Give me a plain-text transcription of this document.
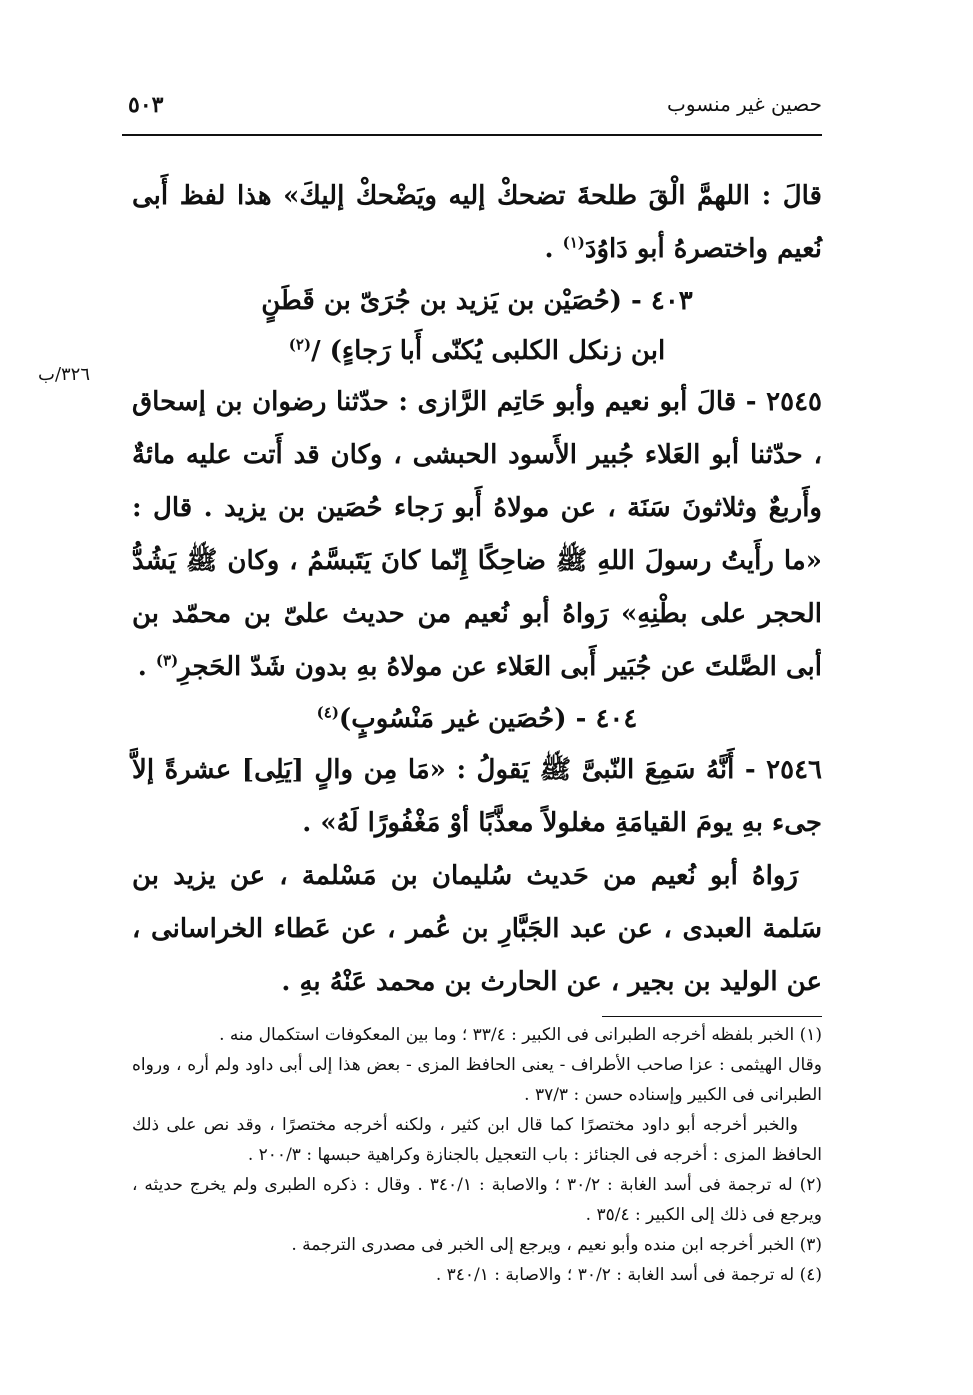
حصين غير منسوب
٥٠٣
٣٢٦/ب

قالَ : اللهمَّ الْقَ طلحةَ تضحكْ إليه ويَضْحكْ إليكَ» هذا لفظ أَبى نُعيم واختصرهُ أبو دَاوُدَ$^{(١)}$ .

٤٠٣ - (حُصَيْن بن يَزيد بن جُرَىّ بن قَطَنٍ

ابن زنكل الكلبى يُكنّى أَبا رَجاءٍ) /$^{(٢)}$

٢٥٤٥ - قالَ أبو نعيم وأبو حَاتِم الرَّازى : حدّثنا رضوان بن إسحاق ، حدّثنا أبو العَلاء جُبير الأَسود الحبشى ، وكان قد أَتت عليه مائةٌ وأَربعٌ وثلاثونَ سَنَة ، عن مولاهُ أَبو رَجاء حُصَين بن يزيد . قال : «ما رأَيتُ رسولَ اللهِ ﷺ ضاحِكًا إِنّما كانَ يَتَبسَّمُ ، وكان ﷺ يَشُدُّ الحجر على بطْنِهِ» رَواهُ أبو نُعيم من حديث علىّ بن محمّد بن أبى الصَّلتَ عن جُبَير أَبى العَلاء عن مولاهُ بهِ بدون شَدّ الحَجرِ$^{(٣)}$ .

٤٠٤ - (حُصَين غير مَنْسُوبٍ)$^{(٤)}$

٢٥٤٦ - أَنَّهُ سَمِعَ النّبىَّ ﷺ يَقولُ : «مَا مِن والٍ [يَلِى] عشرةً إلاَّ جىء بهِ يومَ القيامَةِ مغلولاً معذَّبًا أوْ مَغْفُورًا لَهُ» .

رَواهُ أبو نُعيم من حَديث سُليمان بن مَسْلمة ، عن يزيد بن سَلمة العبدى ، عن عبد الجَبَّارِ بن عُمر ، عن عَطاء الخراسانى ، عن الوليد بن بجير ، عن الحارث بن محمد عَنْهُ بهِ .

(١) الخبر بلفظه أخرجه الطبرانى فى الكبير : ٣٣/٤ ؛ وما بين المعكوفات استكمال منه .

وقال الهيثمى : عزا صاحب الأطراف - يعنى الحافظ المزى - بعض هذا إلى أبى داود ولم أره ، ورواه الطبرانى فى الكبير وإسناده حسن : ٣٧/٣ .

والخبر أخرجه أبو داود مختصرًا كما قال ابن كثير ، ولكنه أخرجه مختصرًا ، وقد نص على ذلك الحافظ المزى : أخرجه فى الجنائز : باب التعجيل بالجنازة وكراهية حبسها : ٢٠٠/٣ .

(٢) له ترجمة فى أسد الغابة : ٣٠/٢ ؛ والاصابة : ٣٤٠/١ . وقال : ذكره الطبرى ولم يخرج حديثه ، ويرجع فى ذلك إلى الكبير : ٣٥/٤ .

(٣) الخبر أخرجه ابن منده وأبو نعيم ، ويرجع إلى الخبر فى مصدرى الترجمة .

(٤) له ترجمة فى أسد الغابة : ٣٠/٢ ؛ والاصابة : ٣٤٠/١ .
